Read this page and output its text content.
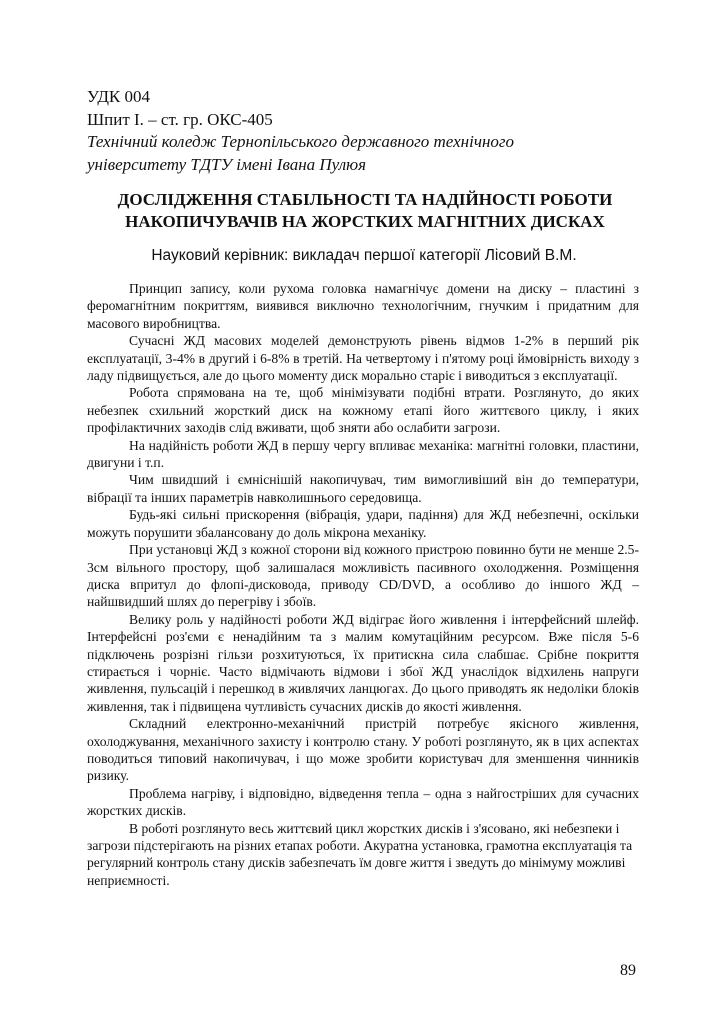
УДК 004
Шпит І. – ст. гр. ОКС-405
Технічний коледж Тернопільського державного технічного
університету ТДТУ імені Івана Пулюя
ДОСЛІДЖЕННЯ СТАБІЛЬНОСТІ ТА НАДІЙНОСТІ РОБОТИ
НАКОПИЧУВАЧІВ НА ЖОРСТКИХ МАГНІТНИХ ДИСКАХ
Науковий керівник: викладач першої категорії Лісовий В.М.

Принцип запису, коли рухома головка намагнічує домени на диску – пластині з феромагнітним покриттям, виявився виключно технологічним, гнучким і придатним для масового виробництва.

Сучасні ЖД масових моделей демонструють рівень відмов 1-2% в перший рік експлуатації, 3-4% в другий і 6-8% в третій. На четвертому і п'ятому році ймовірність виходу з ладу підвищується, але до цього моменту диск морально старіє і виводиться з експлуатації.

Робота спрямована на те, щоб мінімізувати подібні втрати. Розглянуто, до яких небезпек схильний жорсткий диск на кожному етапі його життєвого циклу, і яких профілактичних заходів слід вживати, щоб зняти або ослабити загрози.

На надійність роботи ЖД в першу чергу впливає механіка: магнітні головки, пластини, двигуни і т.п.

Чим швидший і ємніснішій накопичувач, тим вимогливіший він до температури, вібрації та інших параметрів навколишнього середовища.

Будь-які сильні прискорення (вібрація, удари, падіння) для ЖД небезпечні, оскільки можуть порушити збалансовану до доль мікрона механіку.

При установці ЖД з кожної сторони від кожного пристрою повинно бути не менше 2.5-3см вільного простору, щоб залишалася можливість пасивного охолодження. Розміщення диска впритул до флопі-дисковода, приводу CD/DVD, а особливо до іншого ЖД – найшвидший шлях до перегріву і збоїв.

Велику роль у надійності роботи ЖД відіграє його живлення і інтерфейсний шлейф. Інтерфейсні роз'єми є ненадійним та з малим комутаційним ресурсом. Вже після 5-6 підключень розрізні гільзи розхитуються, їх притискна сила слабшає. Срібне покриття стирається і чорніє. Часто відмічають відмови і збої ЖД унаслідок відхилень напруги живлення, пульсацій і перешкод в живлячих ланцюгах. До цього приводять як недоліки блоків живлення, так і підвищена чутливість сучасних дисків до якості живлення.

Складний електронно-механічний пристрій потребує якісного живлення, охолоджування, механічного захисту і контролю стану. У роботі розглянуто, як в цих аспектах поводиться типовий накопичувач, і що може зробити користувач для зменшення чинників ризику.

Проблема нагріву, і відповідно, відведення тепла – одна з найгостріших для сучасних жорстких дисків.

В роботі розглянуто весь життєвий цикл жорстких дисків і з'ясовано, які небезпеки і загрози підстерігають на різних етапах роботи. Акуратна установка, грамотна експлуатація та регулярний контроль стану дисків забезпечать їм довге життя і зведуть до мінімуму можливі неприємності.

89
